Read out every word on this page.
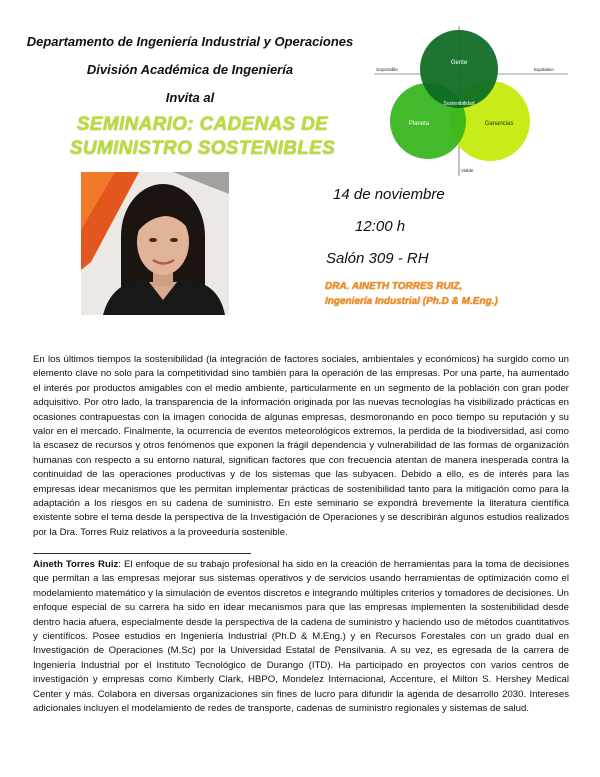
Departamento de Ingeniería Industrial y Operaciones
División Académica de Ingeniería
Invita al
SEMINARIO: CADENAS DE
SUMINISTRO SOSTENIBLES
Gente
Planeta	Ganancias
Sostenibilidad
Soportable	Equitativo
Viable
14 de noviembre
12:00 h
Salón 309 - RH
DRA. AINETH TORRES RUIZ,
Ingeniería Industrial (Ph.D & M.Eng.)
En los últimos tiempos la sostenibilidad (la integración de factores sociales, ambientales y económicos) ha surgido como un elemento clave no solo para la competitividad sino también para la operación de las empresas. Por una parte, ha aumentado el interés por productos amigables con el medio ambiente, particularmente en un segmento de la población con gran poder adquisitivo. Por otro lado, la transparencia de la información originada por las nuevas tecnologías ha visibilizado prácticas en ocasiones contrapuestas con la imagen conocida de algunas empresas, desmoronando en poco tiempo su reputación y su valor en el mercado. Finalmente, la ocurrencia de eventos meteorológicos extremos, la perdida de la biodiversidad, así como la escasez de recursos y otros fenómenos que exponen la frágil dependencia y vulnerabilidad de las formas de organización humanas con respecto a su entorno natural, significan factores que con frecuencia atentan de manera inesperada contra la continuidad de las operaciones productivas y de los sistemas que las subyacen. Debido a ello, es de interés para las empresas idear mecanismos que les permitan implementar prácticas de sostenibilidad tanto para la mitigación como para la adaptación a los riesgos en su cadena de suministro. En este seminario se expondrá brevemente la literatura científica existente sobre el tema desde la perspectiva de la Investigación de Operaciones y se describirán algunos estudios realizados por la Dra. Torres Ruiz relativos a la proveeduría sostenible.
Aineth Torres Ruiz: El enfoque de su trabajo profesional ha sido en la creación de herramientas para la toma de decisiones que permitan a las empresas mejorar sus sistemas operativos y de servicios usando herramientas de optimización como el modelamiento matemático y la simulación de eventos discretos e integrando múltiples criterios y tomadores de decisiones. Un enfoque especial de su carrera ha sido en idear mecanismos para que las empresas implementen la sostenibilidad desde dentro hacia afuera, especialmente desde la perspectiva de la cadena de suministro y haciendo uso de métodos cuantitativos y científicos. Posee estudios en Ingeniería Industrial (Ph.D & M.Eng.) y en Recursos Forestales con un grado dual en Investigación de Operaciones (M.Sc) por la Universidad Estatal de Pensilvania. A su vez, es egresada de la carrera de Ingeniería Industrial por el Instituto Tecnológico de Durango (ITD). Ha participado en proyectos con varios centros de investigación y empresas como Kimberly Clark, HBPO, Mondelez Internacional, Accenture, el Milton S. Hershey Medical Center y más. Colabora en diversas organizaciones sin fines de lucro para difundir la agenda de desarrollo 2030. Intereses adicionales incluyen el modelamiento de redes de transporte, cadenas de suministro regionales y sistemas de salud.
